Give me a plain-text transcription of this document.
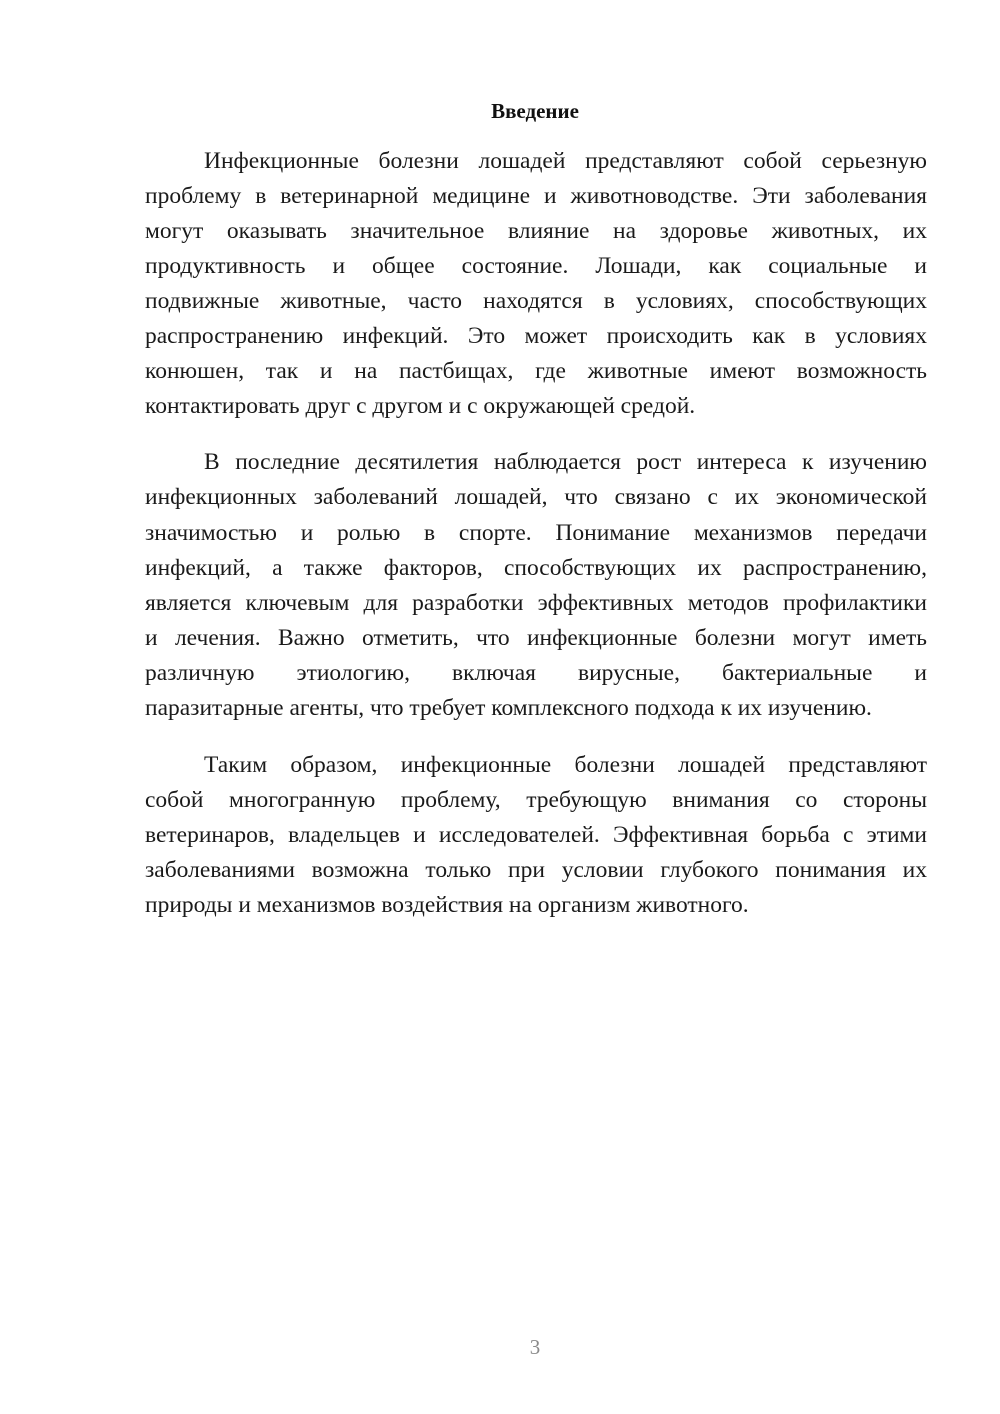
Введение
Инфекционные болезни лошадей представляют собой серьезную
проблему в ветеринарной медицине и животноводстве. Эти заболевания
могут оказывать значительное влияние на здоровье животных, их
продуктивность и общее состояние. Лошади, как социальные и
подвижные животные, часто находятся в условиях, способствующих
распространению инфекций. Это может происходить как в условиях
конюшен, так и на пастбищах, где животные имеют возможность
контактировать друг с другом и с окружающей средой.
В последние десятилетия наблюдается рост интереса к изучению
инфекционных заболеваний лошадей, что связано с их экономической
значимостью и ролью в спорте. Понимание механизмов передачи
инфекций, а также факторов, способствующих их распространению,
является ключевым для разработки эффективных методов профилактики
и лечения. Важно отметить, что инфекционные болезни могут иметь
различную этиологию, включая вирусные, бактериальные и
паразитарные агенты, что требует комплексного подхода к их изучению.
Таким образом, инфекционные болезни лошадей представляют
собой многогранную проблему, требующую внимания со стороны
ветеринаров, владельцев и исследователей. Эффективная борьба с этими
заболеваниями возможна только при условии глубокого понимания их
природы и механизмов воздействия на организм животного.
3
